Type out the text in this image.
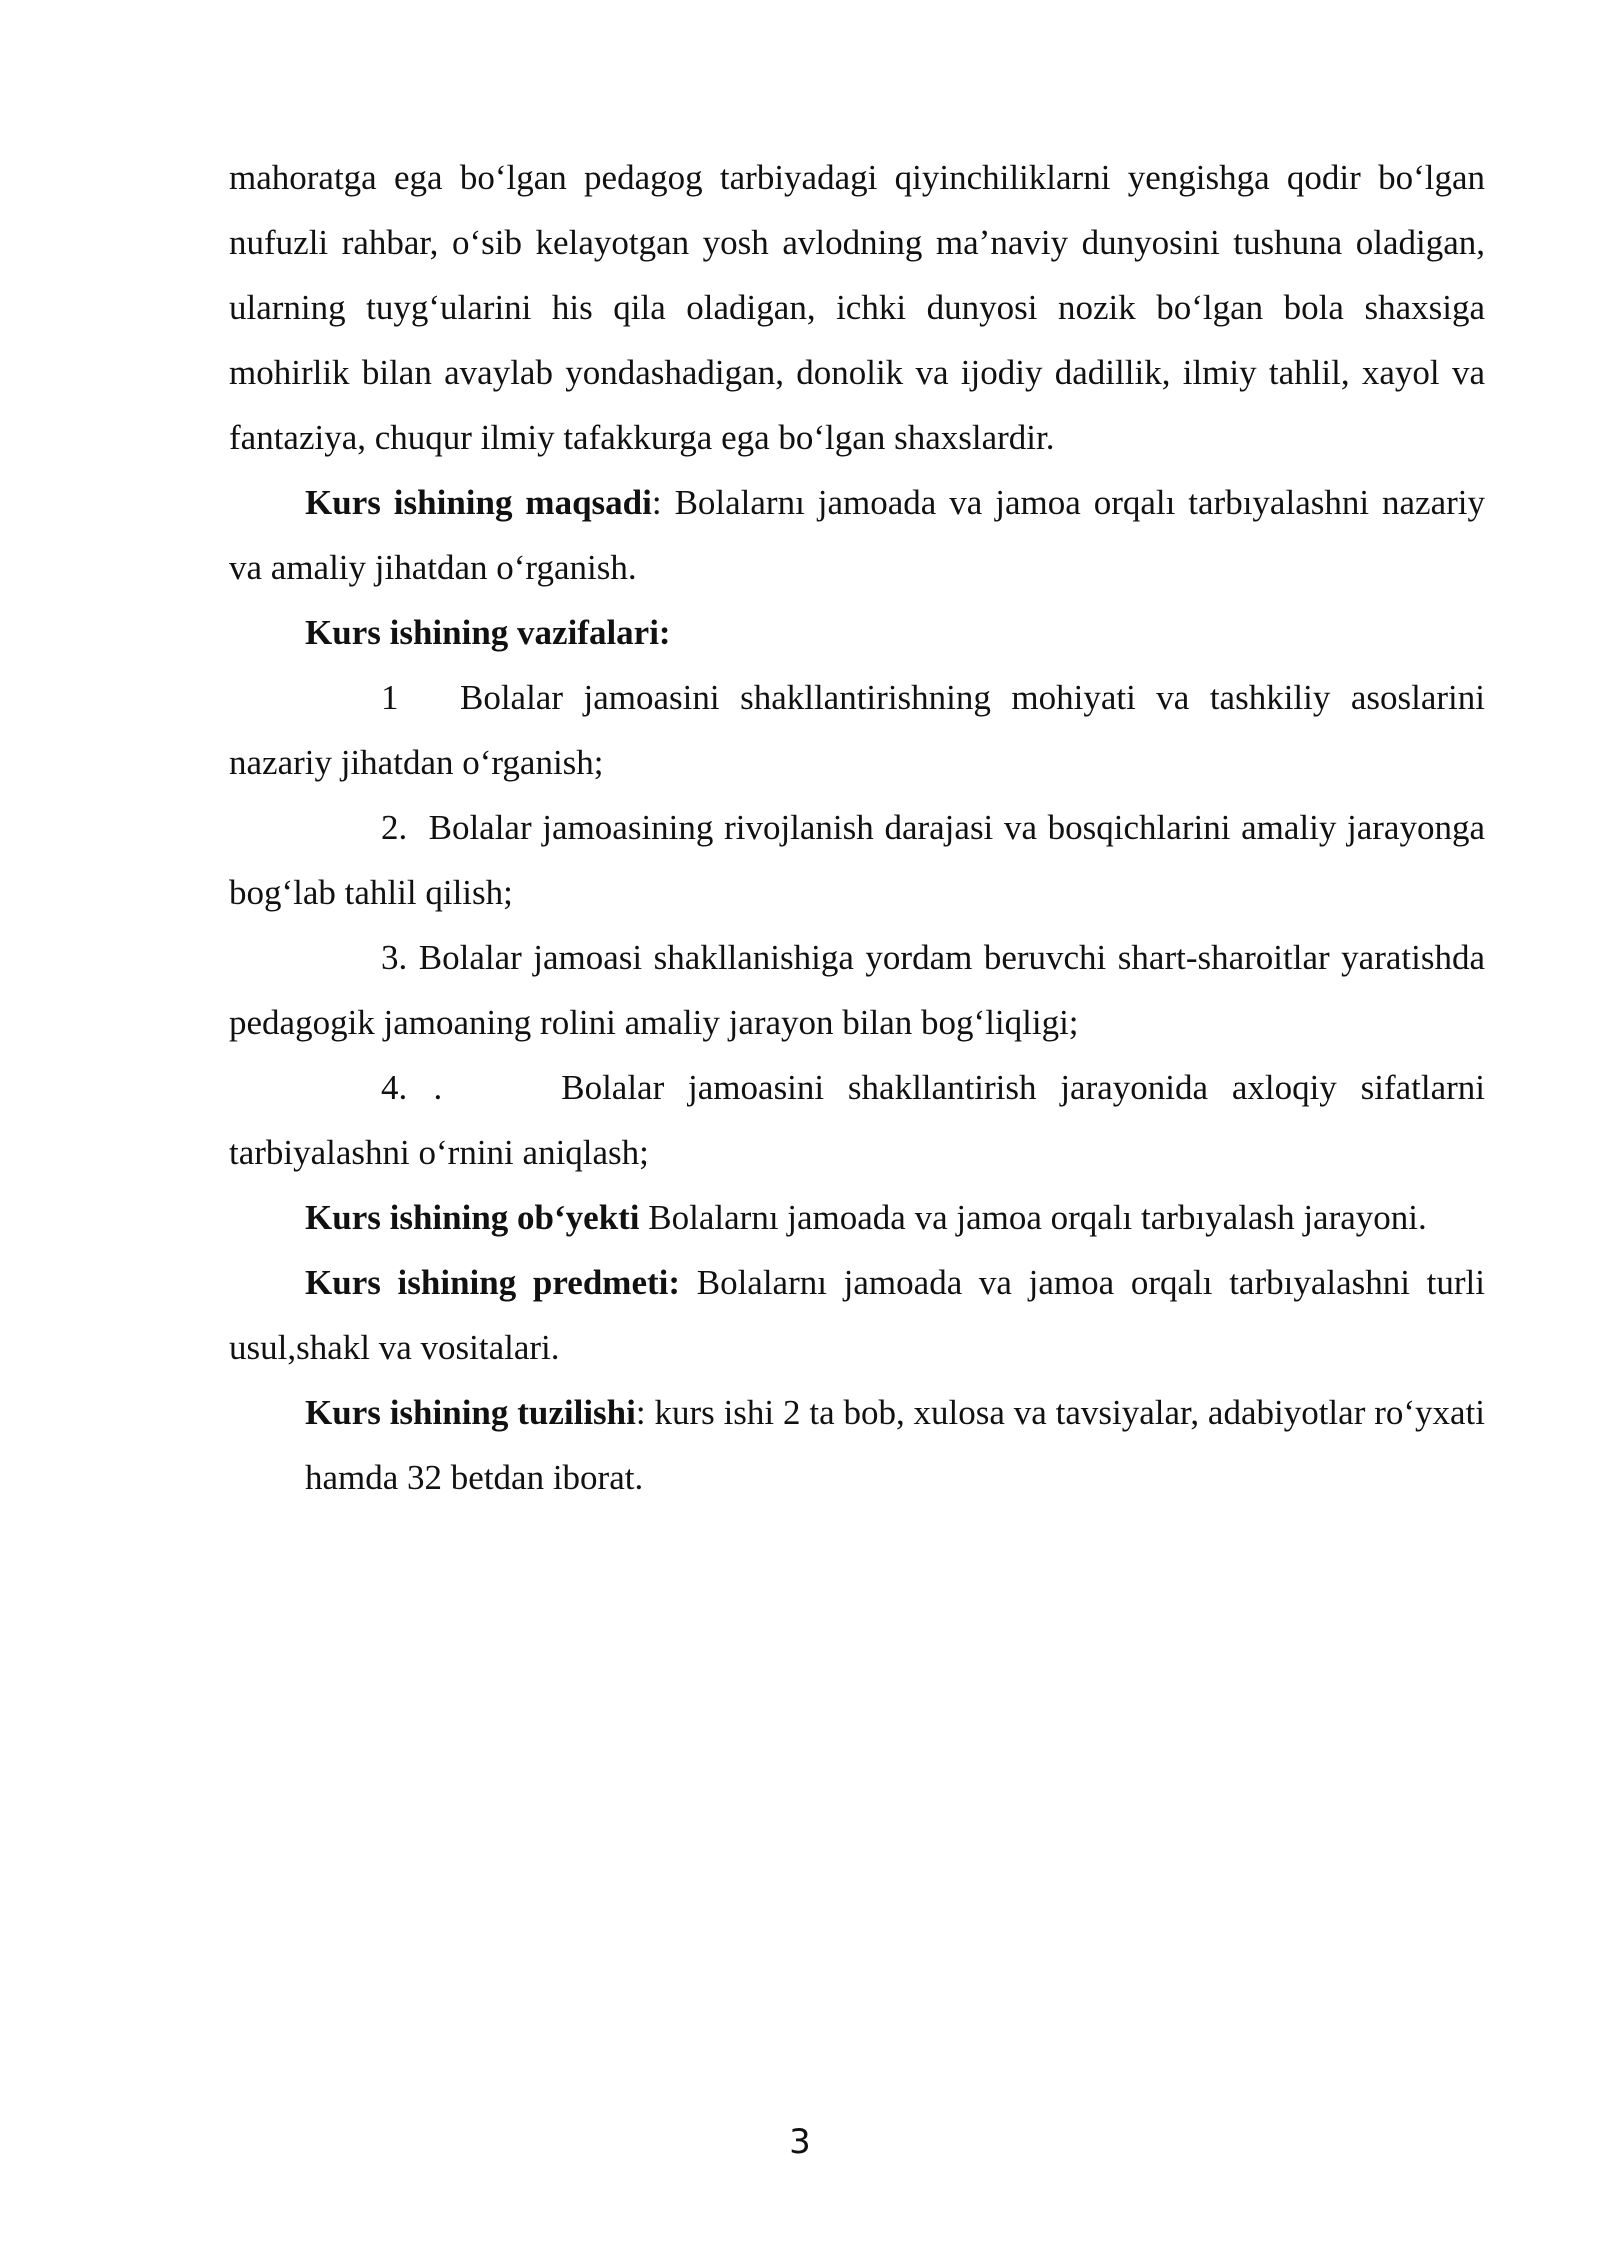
mahoratga ega boʻlgan pedagog tarbiyadagi qiyinchiliklarni yengishga qodir boʻlgan nufuzli rahbar, oʻsib kelayotgan yosh avlodning maʼnaviy dunyosini tushuna oladigan, ularning tuygʻularini his qila oladigan, ichki dunyosi nozik boʻlgan bola shaxsiga mohirlik bilan avaylab yondashadigan, donolik va ijodiy dadillik, ilmiy tahlil, xayol va fantaziya, chuqur ilmiy tafakkurga ega boʻlgan shaxslardir.

Kurs ishining maqsadi: Bolalarnı jamoada va jamoa orqalı tarbıyalashni nazariy va amaliy jihatdan oʻrganish.

Kurs ishining vazifalari:

1 Bolalar jamoasini shakllantirishning mohiyati va tashkiliy asoslarini nazariy jihatdan oʻrganish;

2. Bolalar jamoasining rivojlanish darajasi va bosqichlarini amaliy jarayonga bogʻlab tahlil qilish;

3. Bolalar jamoasi shakllanishiga yordam beruvchi shart-sharoitlar yaratishda pedagogik jamoaning rolini amaliy jarayon bilan bogʻliqligi;

4.   .	Bolalar jamoasini shakllantirish jarayonida axloqiy sifatlarni tarbiyalashni oʻrnini aniqlash;

Kurs ishining obʻyekti Bolalarnı jamoada va jamoa orqalı tarbıyalash jarayoni.

Kurs ishining predmeti: Bolalarnı jamoada va jamoa orqalı tarbıyalashni turli usul,shakl va vositalari.

Kurs ishining tuzilishi: kurs ishi 2 ta bob, xulosa va tavsiyalar, adabiyotlar roʻyxati hamda 32 betdan iborat.

3
